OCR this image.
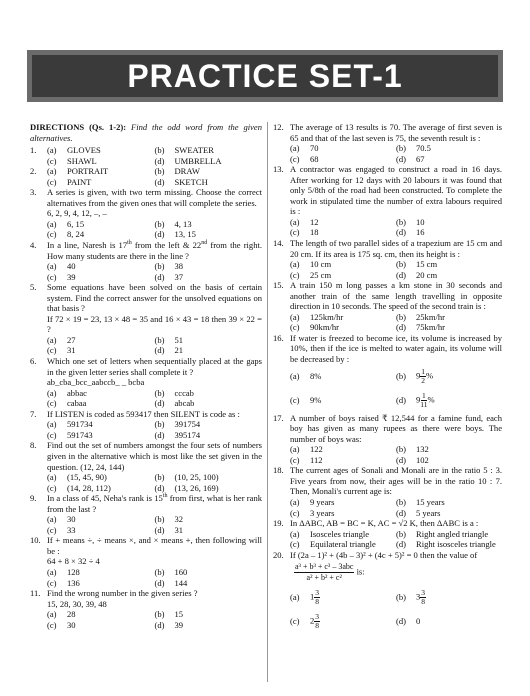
PRACTICE SET-1
DIRECTIONS (Qs. 1-2): Find the odd word from the given alternatives.
1.	(a)	GLOVES	(b)	SWEATER
(c)	SHAWL	(d)	UMBRELLA
2.	(a)	PORTRAIT	(b)	DRAW
(c)	PAINT	(d)	SKETCH
3.	A series is given, with two term missing. Choose the correct alternatives from the given ones that will complete the series.
6, 2, 9, 4, 12, –, –
(a)	6, 15	(b)	4, 13
(c)	8, 24	(d)	13, 15
4.	In a line, Naresh is 17th from the left & 22nd from the right. How many students are there in the line ?
(a)	40	(b)	38
(c)	39	(d)	37
5.	Some equations have been solved on the basis of certain system. Find the correct answer for the unsolved equations on that basis ?
If 72 × 19 = 23, 13 × 48 = 35 and 16 × 43 = 18 then 39 × 22 = ?
(a)	27	(b)	51
(c)	31	(d)	21
6.	Which one set of letters when sequentially placed at the gaps in the given letter series shall complete it ?
ab_cba_bcc_aabccb_ _ bcba
(a)	abbac	(b)	cccab
(c)	cabaa	(d)	abcab
7.	If LISTEN is coded as 593417 then SILENT is code as :
(a)	591734	(b)	391754
(c)	591743	(d)	395174
8.	Find out the set of numbers amongst the four sets of numbers given in the alternative which is most like the set given in the question. (12, 24, 144)
(a)	(15, 45, 90)	(b)	(10, 25, 100)
(c)	(14, 28, 112)	(d)	(13, 26, 169)
9.	In a class of 45, Neha's rank is 15th from first, what is her rank from the last ?
(a)	30	(b)	32
(c)	33	(d)	31
10. If + means ÷, ÷ means ×, and × means +, then following will be :
64 + 8 × 32 ÷ 4
(a)	128	(b)	160
(c)	136	(d)	144
11. Find the wrong number in the given series ?
15, 28, 30, 39, 48
(a)	28	(b)	15
(c)	30	(d)	39
12. The average of 13 results is 70. The average of first seven is 65 and that of the last seven is 75, the seventh result is :
(a)	70	(b)	70.5
(c)	68	(d)	67
13. A contractor was engaged to construct a road in 16 days. After working for 12 days with 20 labours it was found that only 5/8th of the road had been constructed. To complete the work in stipulated time the number of extra labours required is :
(a)	12	(b)	10
(c)	18	(d)	16
14. The length of two parallel sides of a trapezium are 15 cm and 20 cm. If its area is 175 sq. cm, then its height is :
(a)	10 cm	(b)	15 cm
(c)	25 cm	(d)	20 cm
15. A train 150 m long passes a km stone in 30 seconds and another train of the same length travelling in opposite direction in 10 seconds. The speed of the second train is :
(a)	125km/hr	(b)	25km/hr
(c)	90km/hr	(d)	75km/hr
16. If water is freezed to become ice, its volume is increased by 10%, then if the ice is melted to water again, its volume will be decreased by :
(a)	8%	(b)	$9 \frac{1}{2}$ %
(c)	9%	(d)	$9 \frac{1}{11}$ %
17. A number of boys raised ₹ 12,544 for a famine fund, each boy has given as many rupees as there were boys. The number of boys was:
(a)	122	(b)	132
(c)	112	(d)	102
18. The current ages of Sonali and Monali are in the ratio 5 : 3. Five years from now, their ages will be in the ratio 10 : 7. Then, Monali's current age is:
(a)	9 years	(b)	15 years
(c)	3 years	(d)	5 years
19. In ΔABC, AB = BC = K, AC = √2 K, then ΔABC is a :
(a)	Isosceles triangle	(b)	Right angled triangle
(c)	Equilateral triangle (d)	Right isosceles triangle
20. If (2a – 1)² + (4b – 3)² + (4c + 5)² = 0 then the value of
a³ + b³ + c³ – 3abc
a² + b² + c²
is:
(a)	$1 \frac{3}{8}$	(b)	$3 \frac{3}{8}$
(c)	$2 \frac{3}{8}$	(d)	0
